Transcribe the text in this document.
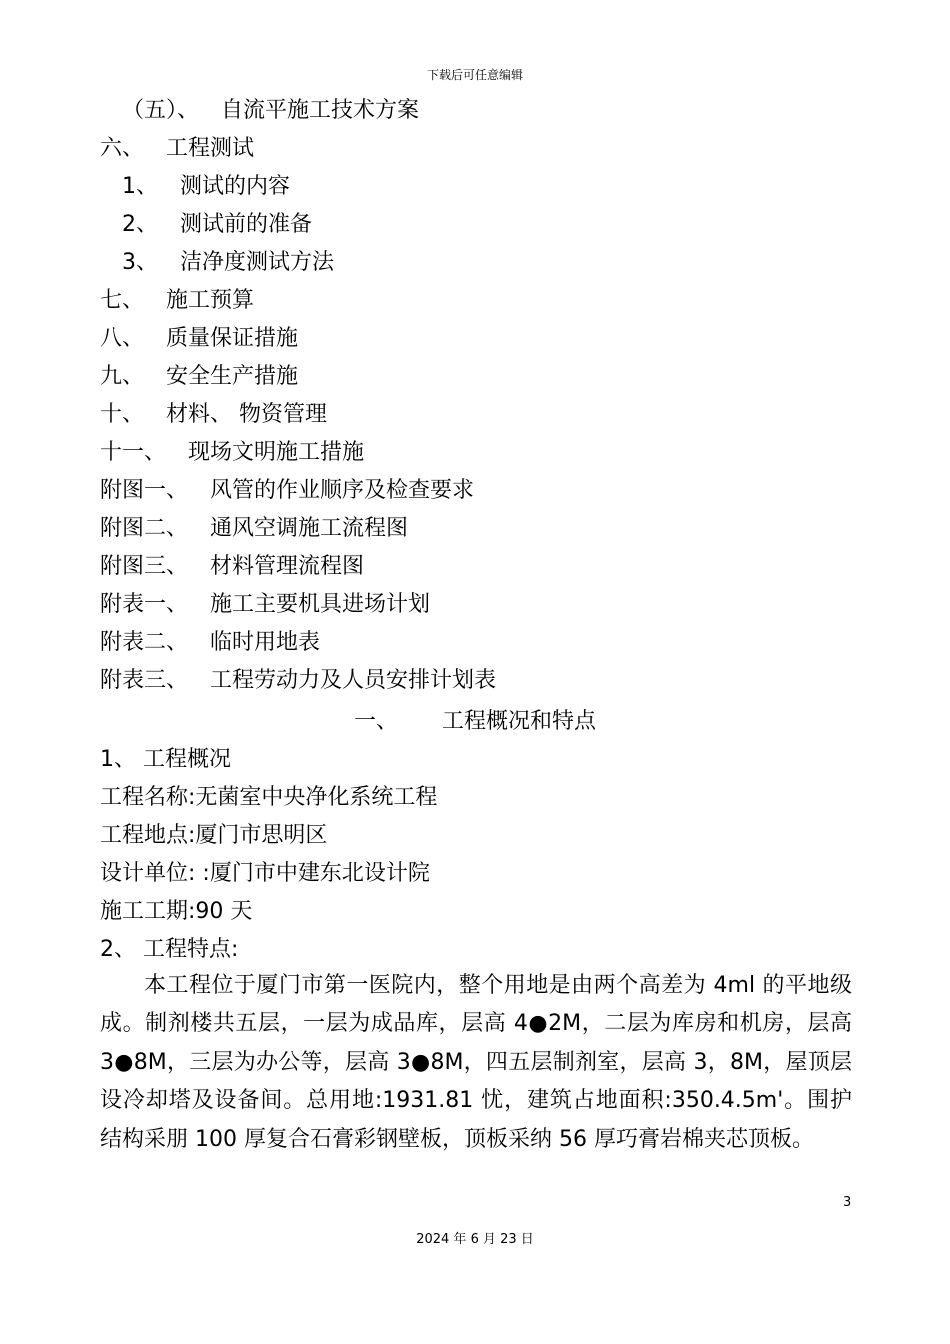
下载后可任意编辑
（五）、 自流平施工技术方案
六、 工程测试
1、 测试的内容
2、 测试前的准备
3、 洁净度测试方法
七、 施工预算
八、 质量保证措施
九、 安全生产措施
十、 材料、 物资管理
十一、 现场文明施工措施
附图一、 风管的作业顺序及检查要求
附图二、 通风空调施工流程图
附图三、 材料管理流程图
附表一、 施工主要机具进场计划
附表二、 临时用地表
附表三、 工程劳动力及人员安排计划表
一、 工程概况和特点
1、 工程概况
工程名称:无菌室中央净化系统工程
工程地点:厦门市思明区
设计单位: :厦门市中建东北设计院
施工工期:90 天
2、 工程特点:
本工程位于厦门市第一医院内，整个用地是由两个高差为 4ml 的平地级成。制剂楼共五层，一层为成品库，层高 4●2M，二层为库房和机房，层高 3●8M，三层为办公等，层高 3●8M，四五层制剂室，层高 3，8M，屋顶层设冷却塔及设备间。总用地:1931.81 忧，建筑占地面积:350.4.5m'。围护结构采朋 100 厚复合石膏彩钢壁板，顶板采纳 56 厚巧膏岩棉夹芯顶板。
3
2024 年 6 月 23 日
